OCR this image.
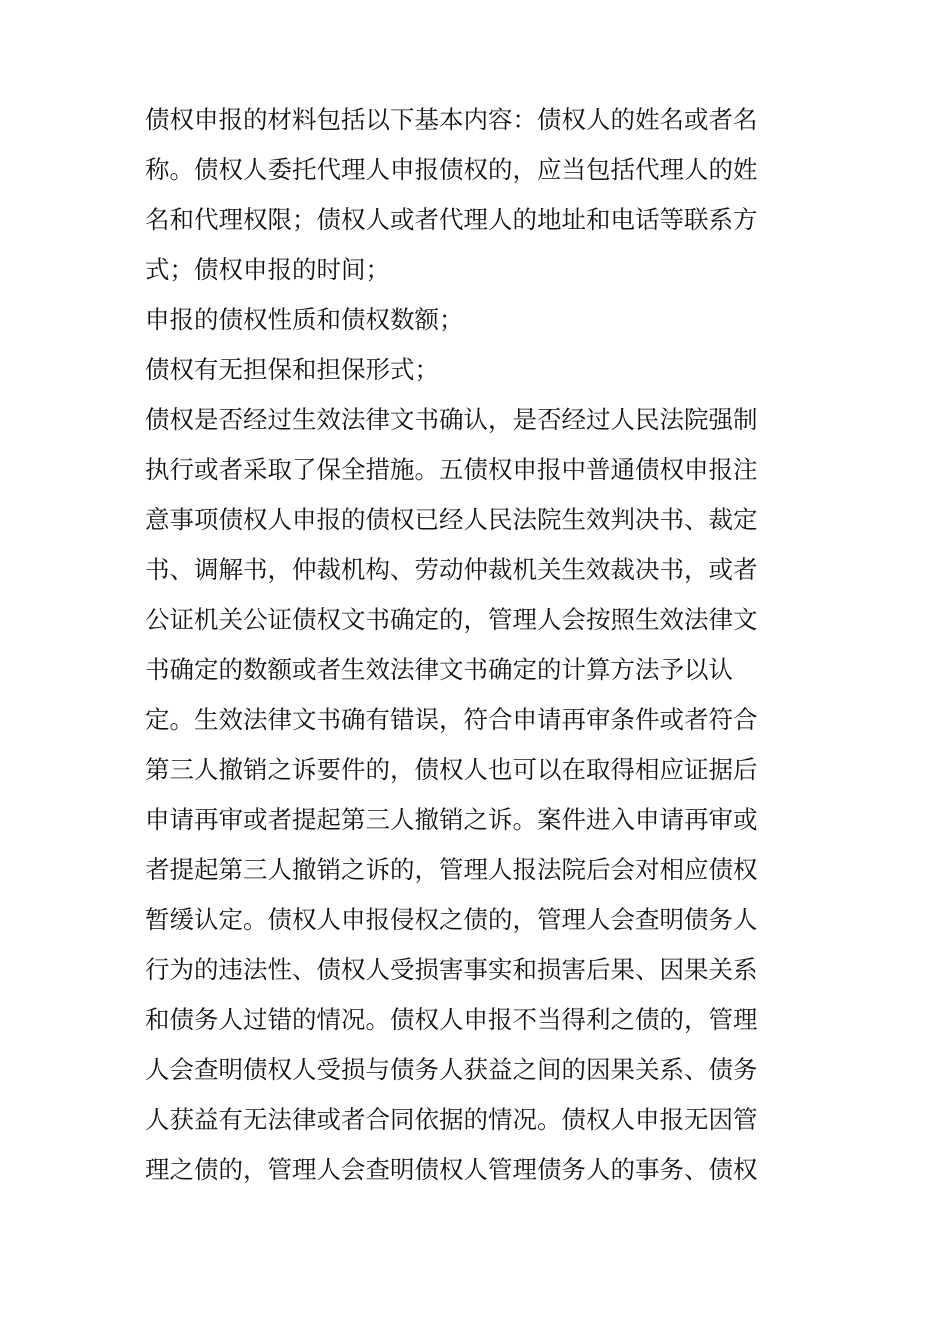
债权申报的材料包括以下基本内容：债权人的姓名或者名
称。债权人委托代理人申报债权的，应当包括代理人的姓
名和代理权限；债权人或者代理人的地址和电话等联系方
式；债权申报的时间；
申报的债权性质和债权数额；
债权有无担保和担保形式；
债权是否经过生效法律文书确认，是否经过人民法院强制
执行或者采取了保全措施。五债权申报中普通债权申报注
意事项债权人申报的债权已经人民法院生效判决书、裁定
书、调解书，仲裁机构、劳动仲裁机关生效裁决书，或者
公证机关公证债权文书确定的，管理人会按照生效法律文
书确定的数额或者生效法律文书确定的计算方法予以认
定。生效法律文书确有错误，符合申请再审条件或者符合
第三人撤销之诉要件的，债权人也可以在取得相应证据后
申请再审或者提起第三人撤销之诉。案件进入申请再审或
者提起第三人撤销之诉的，管理人报法院后会对相应债权
暂缓认定。债权人申报侵权之债的，管理人会查明债务人
行为的违法性、债权人受损害事实和损害后果、因果关系
和债务人过错的情况。债权人申报不当得利之债的，管理
人会查明债权人受损与债务人获益之间的因果关系、债务
人获益有无法律或者合同依据的情况。债权人申报无因管
理之债的，管理人会查明债权人管理债务人的事务、债权
